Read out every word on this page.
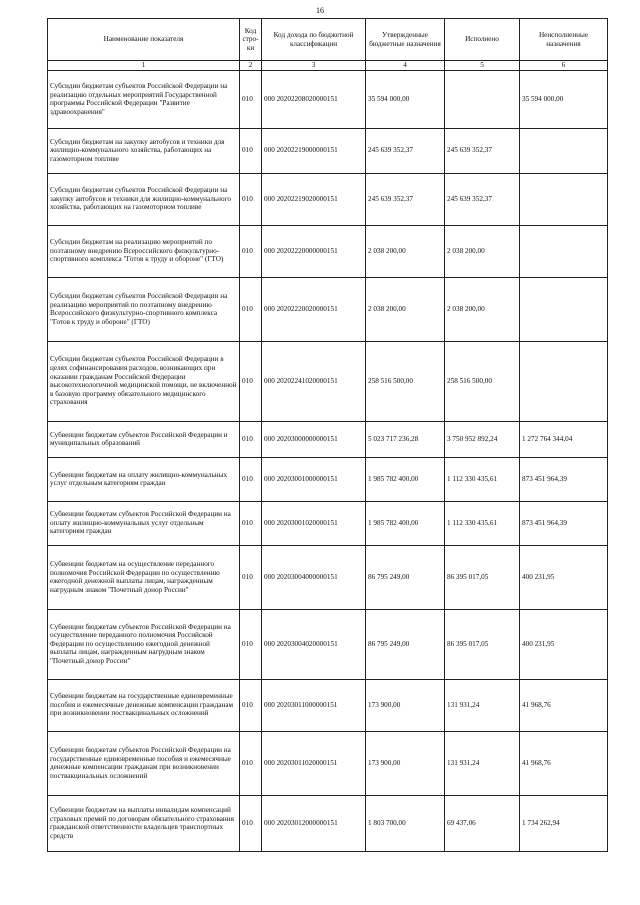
16
Наименование показателя	Код стро-ки	Код дохода по бюджетной классификации	Утвержденные бюджетные назначения	Исполнено	Неисполненные назначения
1	2	3	4	5	6
Субсидии бюджетам субъектов Российской Федерации на реализацию отдельных мероприятий Государственной программы Российской Федерации "Развитие здравоохранения"	010	000 20202208020000151	35 594 000,00		35 594 000,00
Субсидии бюджетам на закупку автобусов и техники для жилищно-коммунального хозяйства, работающих на газомоторном топливе	010	000 20202219000000151	245 639 352,37	245 639 352,37	
Субсидии бюджетам субъектов Российской Федерации на закупку автобусов и техники для жилищно-коммунального хозяйства, работающих на газомоторном топливе	010	000 20202219020000151	245 639 352,37	245 639 352,37	
Субсидии бюджетам на реализацию мероприятий по поэтапному внедрению Всероссийского физкультурно-спортивного комплекса "Готов к труду и обороне" (ГТО)	010	000 20202220000000151	2 038 200,00	2 038 200,00	
Субсидии бюджетам субъектов Российской Федерации на реализацию мероприятий по поэтапному внедрению Всероссийского физкультурно-спортивного комплекса "Готов к труду и обороне" (ГТО)	010	000 20202220020000151	2 038 200,00	2 038 200,00	
Субсидии бюджетам субъектов Российской Федерации в целях софинансирования расходов, возникающих при оказании гражданам Российской Федерации высокотехнологичной медицинской помощи, не включенной в базовую программу обязательного медицинского страхования	010	000 20202241020000151	258 516 500,00	258 516 500,00	
Субвенции бюджетам субъектов Российской Федерации и муниципальных образований	010	000 20203000000000151	5 023 717 236,28	3 750 952 892,24	1 272 764 344,04
Субвенции бюджетам на оплату жилищно-коммунальных услуг отдельным категориям граждан	010	000 20203001000000151	1 985 782 400,00	1 112 330 435,61	873 451 964,39
Субвенции бюджетам субъектов Российской Федерации на оплату жилищно-коммунальных услуг отдельным категориям граждан	010	000 20203001020000151	1 985 782 400,00	1 112 330 435,61	873 451 964,39
Субвенции бюджетам на осуществление переданного полномочия Российской Федерации по осуществлению ежегодной денежной выплаты лицам, награжденным нагрудным знаком "Почетный донор России"	010	000 20203004000000151	86 795 249,00	86 395 017,05	400 231,95
Субвенции бюджетам субъектов Российской Федерации на осуществление переданного полномочия Российской Федерации по осуществлению ежегодной денежной выплаты лицам, награжденным нагрудным знаком "Почетный донор России"	010	000 20203004020000151	86 795 249,00	86 395 017,05	400 231,95
Субвенции бюджетам на государственные единовременные пособия и ежемесячные денежные компенсации гражданам при возникновении поствакцинальных осложнений	010	000 20203011000000151	173 900,00	131 931,24	41 968,76
Субвенции бюджетам субъектов Российской Федерации на государственные единовременные пособия и ежемесячные денежные компенсации гражданам при возникновении поствакцинальных осложнений	010	000 20203011020000151	173 900,00	131 931,24	41 968,76
Субвенции бюджетам на выплаты инвалидам компенсаций страховых премий по договорам обязательного страхования гражданской ответственности владельцев транспортных средств	010	000 20203012000000151	1 803 700,00	69 437,06	1 734 262,94
